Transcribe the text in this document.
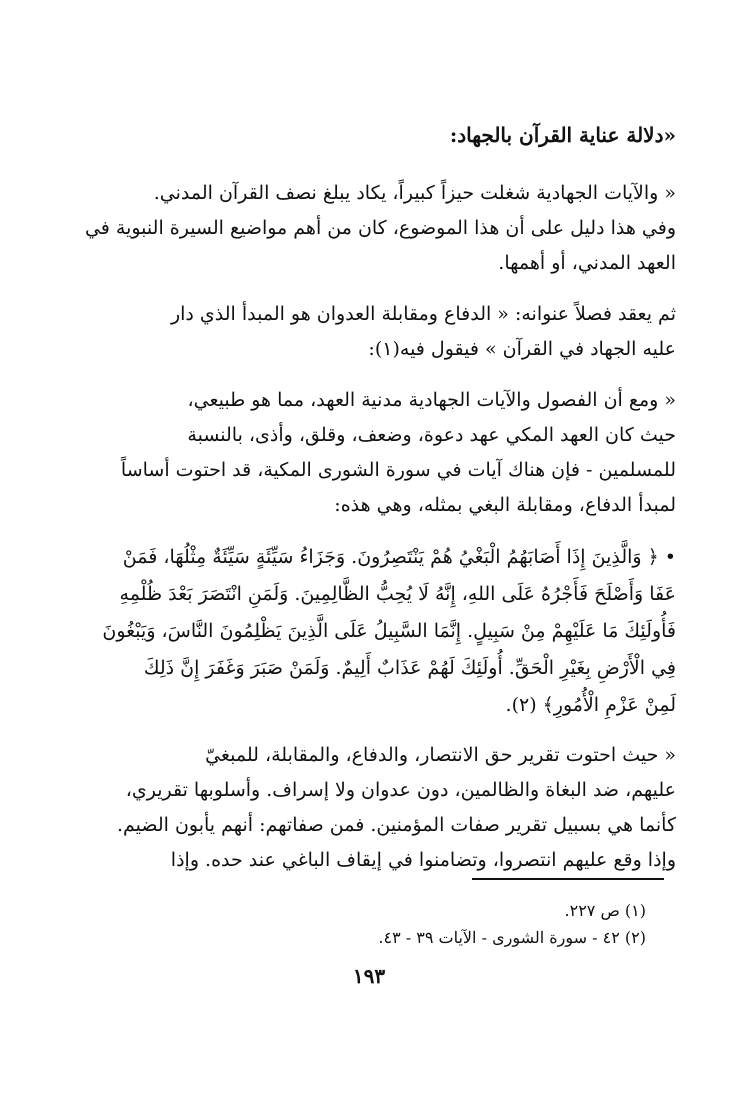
«دلالة عناية القرآن بالجهاد:
« والآيات الجهادية شغلت حيزاً كبيراً، يكاد يبلغ نصف القرآن المدني.
وفي هذا دليل على أن هذا الموضوع، كان من أهم مواضيع السيرة النبوية في
العهد المدني، أو أهمها.
ثم يعقد فصلاً عنوانه: « الدفاع ومقابلة العدوان هو المبدأ الذي دار
عليه الجهاد في القرآن » فيقول فيه(١):
« ومع أن الفصول والآيات الجهادية مدنية العهد، مما هو طبيعي،
حيث كان العهد المكي عهد دعوة، وضعف، وقلق، وأذى، بالنسبة
للمسلمين - فإن هناك آيات في سورة الشورى المكية، قد احتوت أساساً
لمبدأ الدفاع، ومقابلة البغي بمثله، وهي هذه:
• ﴿ وَالَّذِينَ إِذَا أَصَابَهُمُ الْبَغْيُ هُمْ يَنْتَصِرُونَ. وَجَزَاءُ سَيِّئَةٍ سَيِّئَةٌ مِثْلُهَا، فَمَنْ
عَفَا وَأَصْلَحَ فَأَجْرُهُ عَلَى اللهِ، إِنَّهُ لَا يُحِبُّ الظَّالِمِينَ. وَلَمَنِ انْتَصَرَ بَعْدَ ظُلْمِهِ
فَأُولَئِكَ مَا عَلَيْهِمْ مِنْ سَبِيلٍ. إِنَّمَا السَّبِيلُ عَلَى الَّذِينَ يَظْلِمُونَ النَّاسَ، وَيَبْغُونَ
فِي الْأَرْضِ بِغَيْرِ الْحَقِّ. أُولَئِكَ لَهُمْ عَذَابٌ أَلِيمٌ. وَلَمَنْ صَبَرَ وَغَفَرَ إِنَّ ذَلِكَ
لَمِنْ عَزْمِ الْأُمُورِ﴾ (٢).
« حيث احتوت تقرير حق الانتصار، والدفاع، والمقابلة، للمبغيّ
عليهم، ضد البغاة والظالمين، دون عدوان ولا إسراف. وأسلوبها تقريري،
كأنما هي بسبيل تقرير صفات المؤمنين. فمن صفاتهم: أنهم يأبون الضيم.
وإذا وقع عليهم انتصروا، وتضامنوا في إيقاف الباغي عند حده. وإذا
(١) ص ٢٢٧.
(٢) ٤٢ - سورة الشورى - الآيات ٣٩ - ٤٣.
١٩٣
